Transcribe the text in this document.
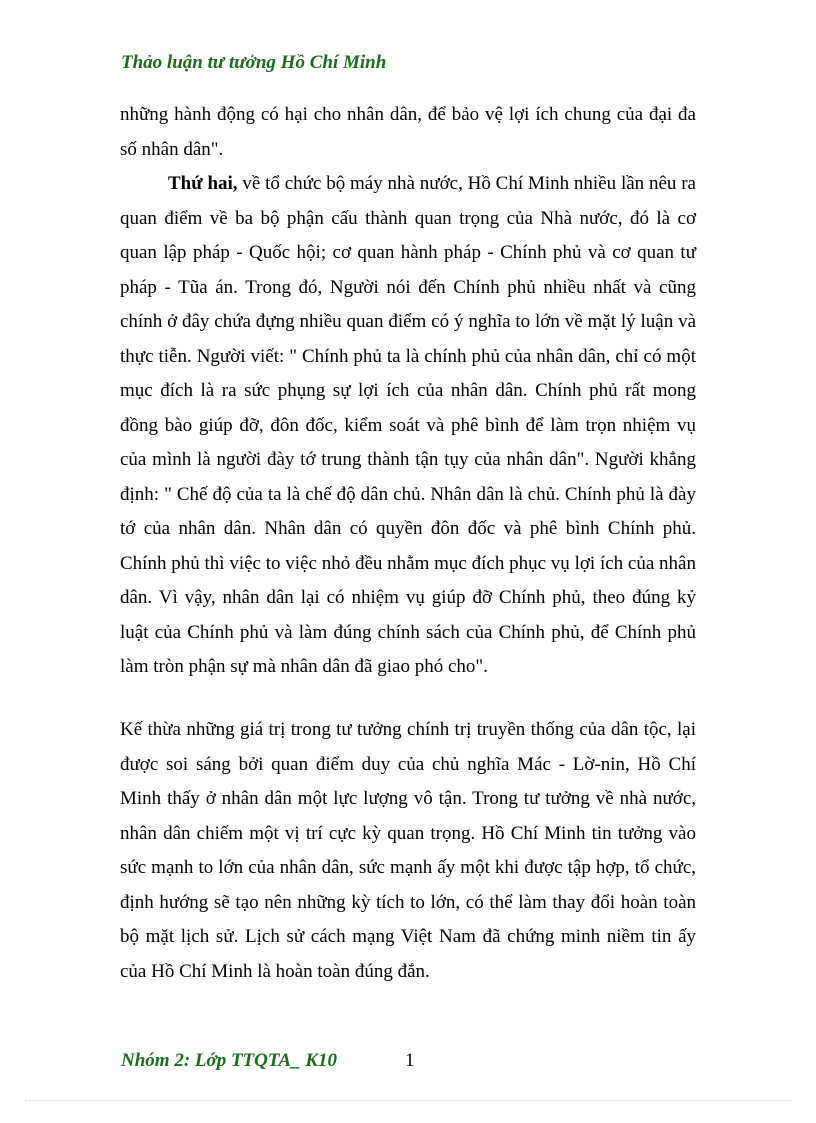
Thảo luận tư tưởng Hồ Chí Minh

những hành động có hại cho nhân dân, để bảo vệ lợi ích chung của đại đa số nhân dân".

Thứ hai, về tổ chức bộ máy nhà nước, Hồ Chí Minh nhiều lần nêu ra quan điểm về ba bộ phận cấu thành quan trọng của Nhà nước, đó là cơ quan lập pháp - Quốc hội; cơ quan hành pháp - Chính phủ và cơ quan tư pháp - Tũa án. Trong đó, Người nói đến Chính phủ nhiều nhất và cũng chính ở đây chứa đựng nhiều quan điểm có ý nghĩa to lớn về mặt lý luận và thực tiễn. Người viết: " Chính phủ ta là chính phủ của nhân dân, chỉ có một mục đích là ra sức phụng sự lợi ích của nhân dân. Chính phủ rất mong đồng bào giúp đỡ, đôn đốc, kiểm soát và phê bình để làm trọn nhiệm vụ của mình là người đày tớ trung thành tận tụy của nhân dân". Người khẳng định: " Chế độ của ta là chế độ dân chủ. Nhân dân là chủ. Chính phủ là đày tớ của nhân dân. Nhân dân có quyền đôn đốc và phê bình Chính phủ. Chính phủ thì việc to việc nhỏ đều nhằm mục đích phục vụ lợi ích của nhân dân. Vì vậy, nhân dân lại có nhiệm vụ giúp đỡ Chính phủ, theo đúng kỷ luật của Chính phủ và làm đúng chính sách của Chính phủ, để Chính phủ làm tròn phận sự mà nhân dân đã giao phó cho".

Kế thừa những giá trị trong tư tưởng chính trị truyền thống của dân tộc, lại được soi sáng bởi quan điểm duy của chủ nghĩa Mác - Lờ-nin, Hồ Chí Minh thấy ở nhân dân một lực lượng vô tận. Trong tư tưởng về nhà nước, nhân dân chiếm một vị trí cực kỳ quan trọng. Hồ Chí Minh tin tưởng vào sức mạnh to lớn của nhân dân, sức mạnh ấy một khi được tập hợp, tổ chức, định hướng sẽ tạo nên những kỳ tích to lớn, có thể làm thay đổi hoàn toàn bộ mặt lịch sử. Lịch sử cách mạng Việt Nam đã chứng minh niềm tin ấy của Hồ Chí Minh là hoàn toàn đúng đắn.

Nhóm 2: Lớp TTQTA_ K10	1
